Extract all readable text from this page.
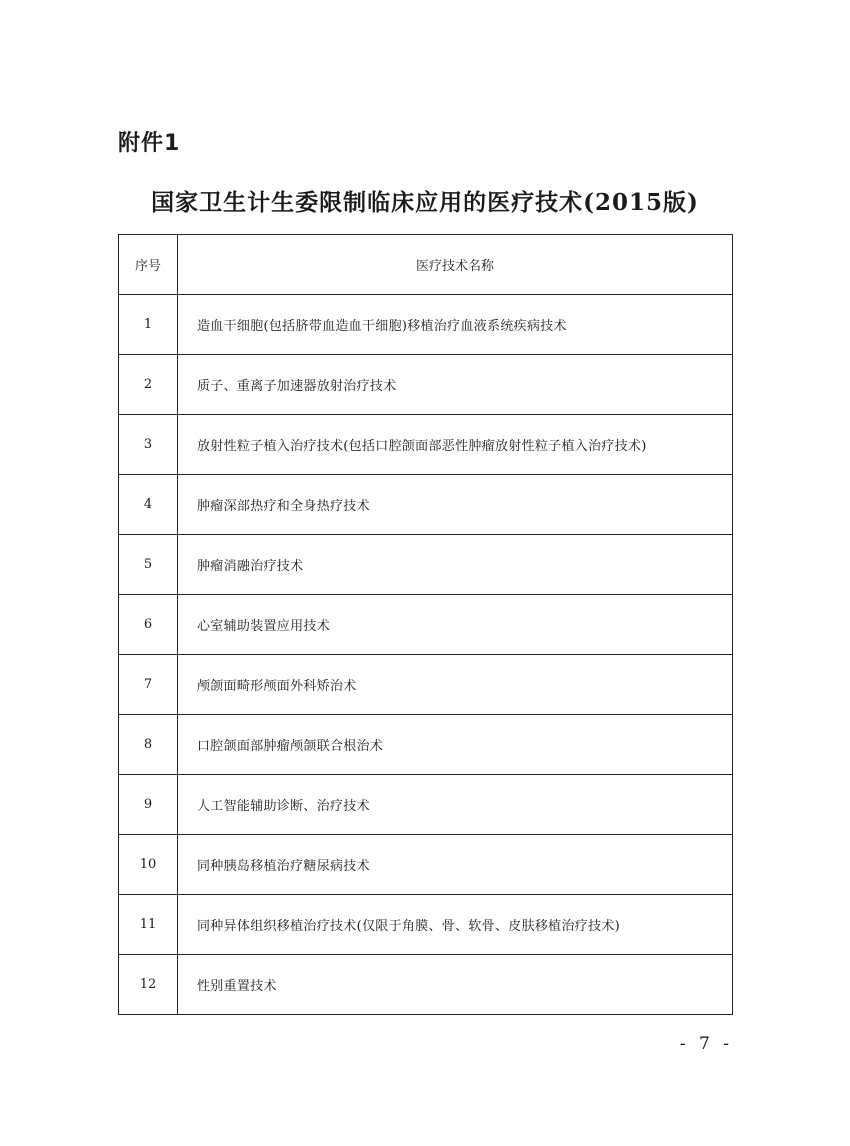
附件1
国家卫生计生委限制临床应用的医疗技术(2015版)
序号	医疗技术名称
1	造血干细胞(包括脐带血造血干细胞)移植治疗血液系统疾病技术
2	质子、重离子加速器放射治疗技术
3	放射性粒子植入治疗技术(包括口腔颌面部恶性肿瘤放射性粒子植入治疗技术)
4	肿瘤深部热疗和全身热疗技术
5	肿瘤消融治疗技术
6	心室辅助装置应用技术
7	颅颌面畸形颅面外科矫治术
8	口腔颌面部肿瘤颅颌联合根治术
9	人工智能辅助诊断、治疗技术
10	同种胰岛移植治疗糖尿病技术
11	同种异体组织移植治疗技术(仅限于角膜、骨、软骨、皮肤移植治疗技术)
12	性别重置技术
- 7 -
